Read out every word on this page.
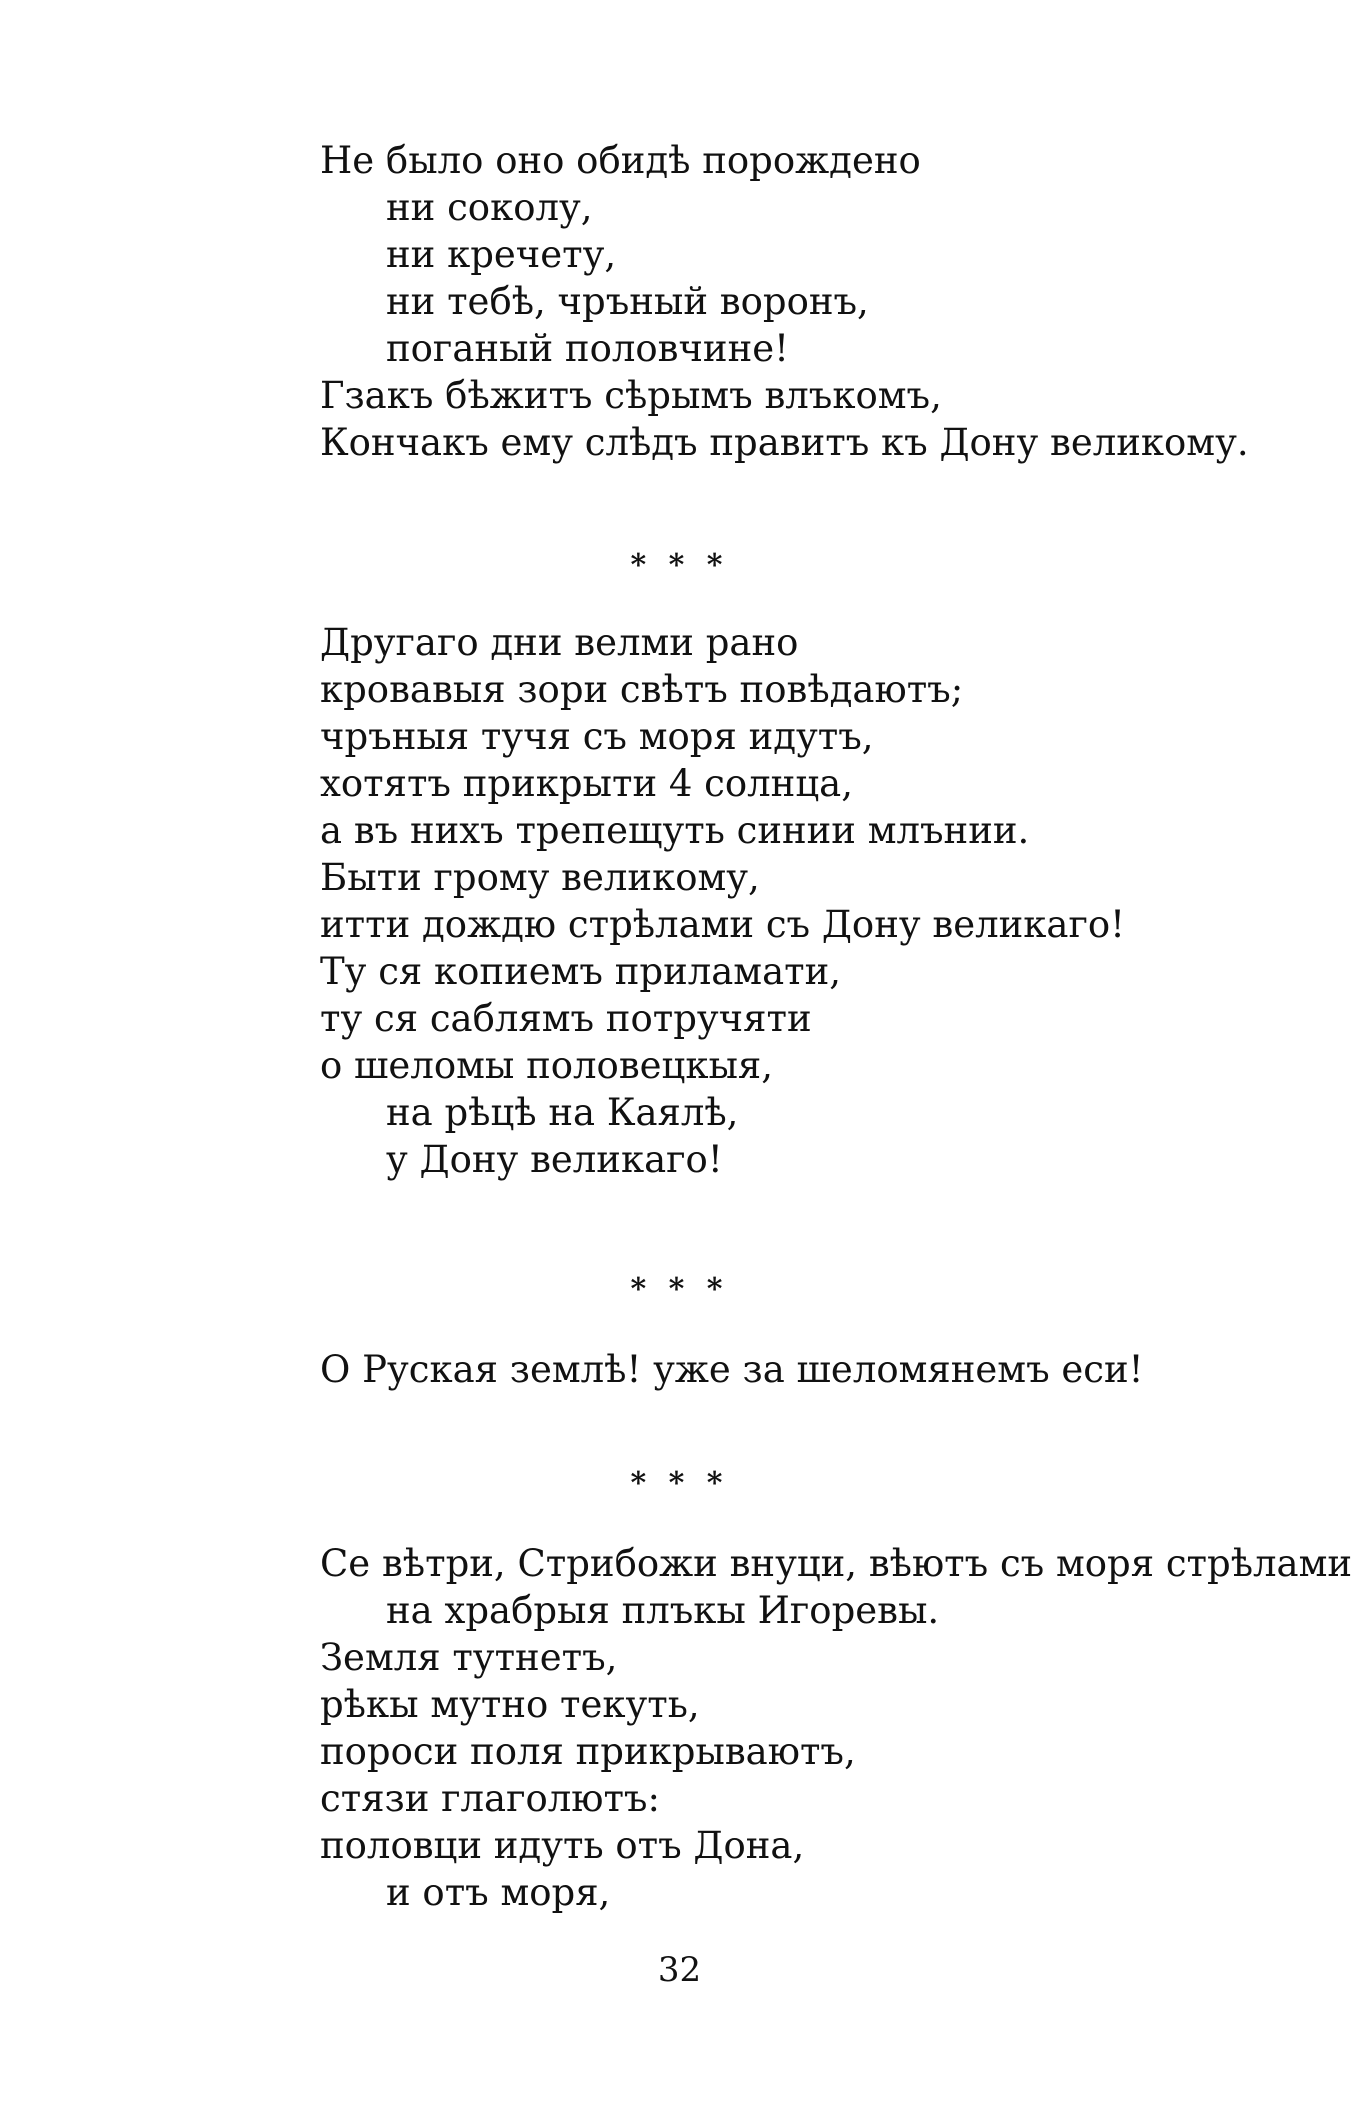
Не было оно обидѣ порождено
ни соколу,
ни кречету,
ни тебѣ, чръный воронъ,
поганый половчине!
Гзакъ бѣжитъ сѣрымъ влъкомъ,
Кончакъ ему слѣдъ правитъ къ Дону великому.
* * *
Другаго дни велми рано
кровавыя зори свѣтъ повѣдаютъ;
чръныя тучя съ моря идутъ,
хотятъ прикрыти 4 солнца,
а въ нихъ трепещуть синии млънии.
Быти грому великому,
итти дождю стрѣлами съ Дону великаго!
Ту ся копиемъ приламати,
ту ся саблямъ потручяти
о шеломы половецкыя,
на рѣцѣ на Каялѣ,
у Дону великаго!
* * *
О Руская землѣ! уже за шеломянемъ еси!
* * *
Се вѣтри, Стрибожи внуци, вѣютъ съ моря стрѣлами
на храбрыя плъкы Игоревы.
Земля тутнетъ,
рѣкы мутно текуть,
пороси поля прикрываютъ,
стязи глаголютъ:
половци идуть отъ Дона,
и отъ моря,
32
